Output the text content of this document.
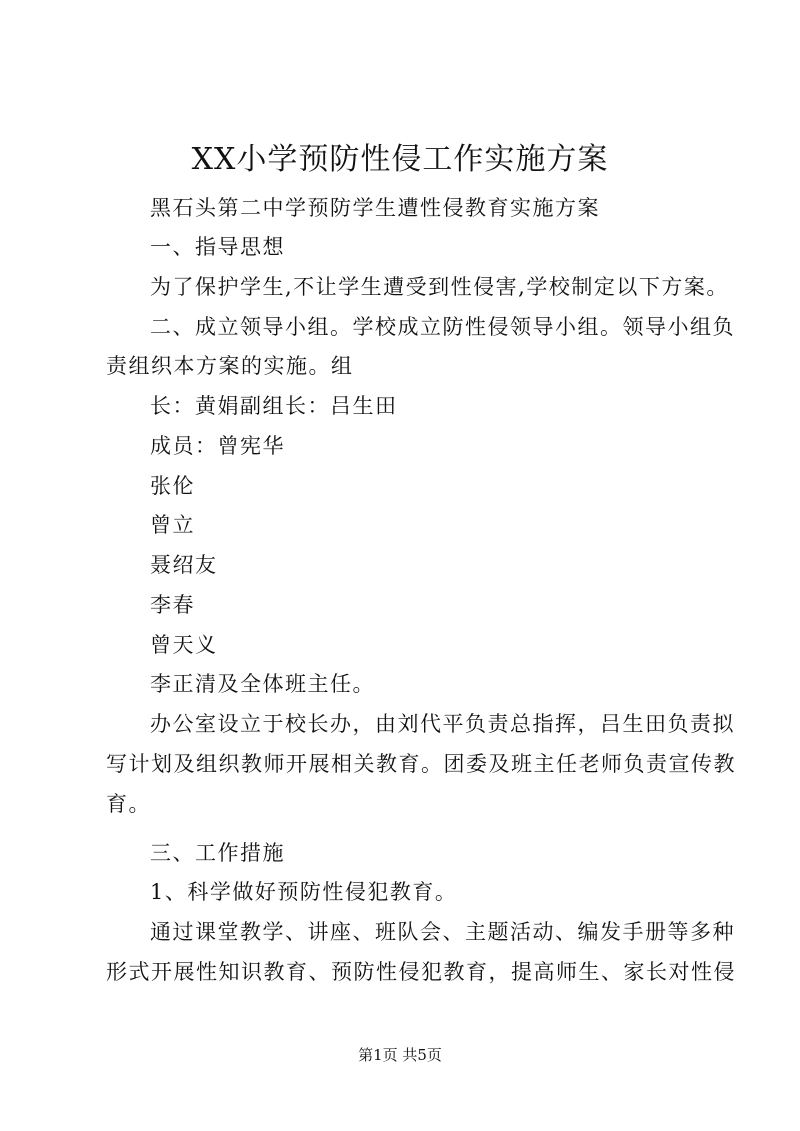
XX小学预防性侵工作实施方案
黑石头第二中学预防学生遭性侵教育实施方案
一、指导思想
为了保护学生,不让学生遭受到性侵害,学校制定以下方案。
二、成立领导小组。学校成立防性侵领导小组。领导小组负
责组织本方案的实施。组
长：黄娟副组长：吕生田
成员：曾宪华
张伦
曾立
聂绍友
李春
曾天义
李正清及全体班主任。
办公室设立于校长办，由刘代平负责总指挥，吕生田负责拟
写计划及组织教师开展相关教育。团委及班主任老师负责宣传教
育。
三、工作措施
1、科学做好预防性侵犯教育。
通过课堂教学、讲座、班队会、主题活动、编发手册等多种
形式开展性知识教育、预防性侵犯教育，提高师生、家长对性侵
第1页 共5页
